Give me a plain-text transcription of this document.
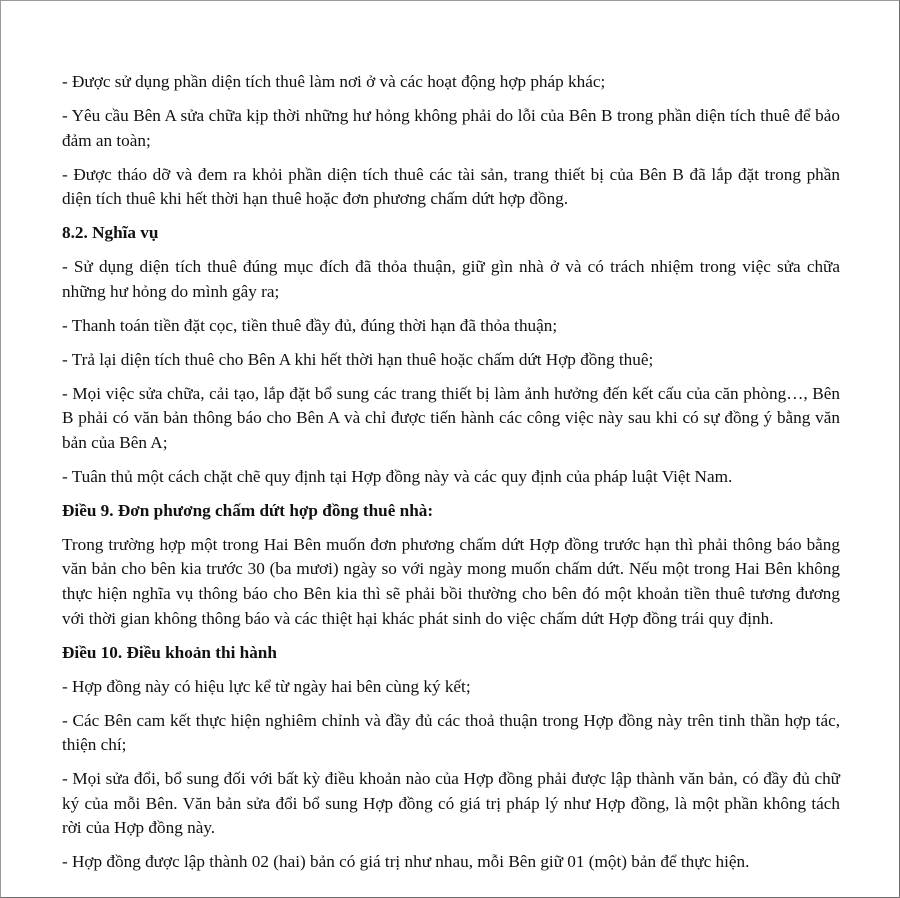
- Được sử dụng phần diện tích thuê làm nơi ở và các hoạt động hợp pháp khác;

- Yêu cầu Bên A sửa chữa kịp thời những hư hỏng không phải do lỗi của Bên B trong phần diện tích thuê để bảo đảm an toàn;

- Được tháo dỡ và đem ra khỏi phần diện tích thuê các tài sản, trang thiết bị của Bên B đã lắp đặt trong phần diện tích thuê khi hết thời hạn thuê hoặc đơn phương chấm dứt hợp đồng.

8.2. Nghĩa vụ

- Sử dụng diện tích thuê đúng mục đích đã thỏa thuận, giữ gìn nhà ở và có trách nhiệm trong việc sửa chữa những hư hỏng do mình gây ra;

- Thanh toán tiền đặt cọc, tiền thuê đầy đủ, đúng thời hạn đã thỏa thuận;

- Trả lại diện tích thuê cho Bên A khi hết thời hạn thuê hoặc chấm dứt Hợp đồng thuê;

- Mọi việc sửa chữa, cải tạo, lắp đặt bổ sung các trang thiết bị làm ảnh hưởng đến kết cấu của căn phòng…, Bên B phải có văn bản thông báo cho Bên A và chỉ được tiến hành các công việc này sau khi có sự đồng ý bằng văn bản của Bên A;

- Tuân thủ một cách chặt chẽ quy định tại Hợp đồng này và các quy định của pháp luật Việt Nam.

Điều 9. Đơn phương chấm dứt hợp đồng thuê nhà:

Trong trường hợp một trong Hai Bên muốn đơn phương chấm dứt Hợp đồng trước hạn thì phải thông báo bằng văn bản cho bên kia trước 30 (ba mươi) ngày so với ngày mong muốn chấm dứt. Nếu một trong Hai Bên không thực hiện nghĩa vụ thông báo cho Bên kia thì sẽ phải bồi thường cho bên đó một khoản tiền thuê tương đương với thời gian không thông báo và các thiệt hại khác phát sinh do việc chấm dứt Hợp đồng trái quy định.

Điều 10. Điều khoản thi hành

- Hợp đồng này có hiệu lực kể từ ngày hai bên cùng ký kết;

- Các Bên cam kết thực hiện nghiêm chỉnh và đầy đủ các thoả thuận trong Hợp đồng này trên tinh thần hợp tác, thiện chí;

- Mọi sửa đổi, bổ sung đối với bất kỳ điều khoản nào của Hợp đồng phải được lập thành văn bản, có đầy đủ chữ ký của mỗi Bên. Văn bản sửa đổi bổ sung Hợp đồng có giá trị pháp lý như Hợp đồng, là một phần không tách rời của Hợp đồng này.

- Hợp đồng được lập thành 02 (hai) bản có giá trị như nhau, mỗi Bên giữ 01 (một) bản để thực hiện.
